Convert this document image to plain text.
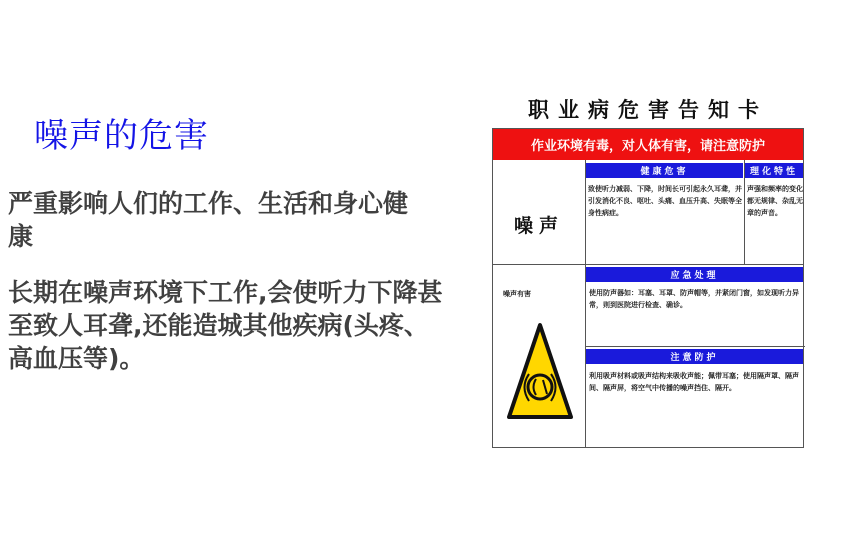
噪声的危害
严重影响人们的工作、生活和身心健康
长期在噪声环境下工作,会使听力下降甚至致人耳聋,还能造城其他疾病(头疼、高血压等)。
职业病危害告知卡
作业环境有毒，对人体有害，请注意防护
健康危害	理化特性
噪声
致使听力减弱、下降，时间长可引起永久耳聋，并引发消化不良、呕吐、头痛、血压升高、失眠等全身性病症。
声强和频率的变化都无规律、杂乱无章的声音。
噪声有害
应急处理
使用防声器如：耳塞、耳罩、防声帽等，并紧闭门窗，如发现听力异常，则到医院进行检查、确诊。
注意防护
利用吸声材料或吸声结构来吸收声能；佩带耳塞；使用隔声罩、隔声间、隔声屏，将空气中传播的噪声挡住、隔开。
